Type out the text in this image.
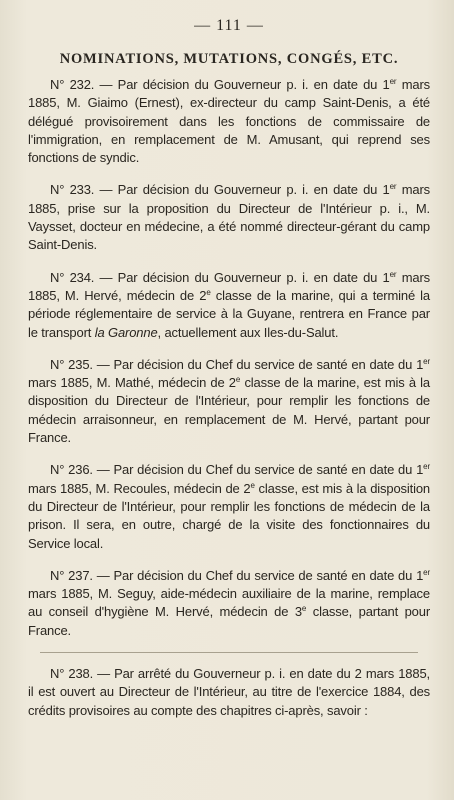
— 111 —

NOMINATIONS, MUTATIONS, CONGÉS, ETC.

N° 232. — Par décision du Gouverneur p. i. en date du 1er mars 1885, M. Giaimo (Ernest), ex-directeur du camp Saint-Denis, a été délégué provisoirement dans les fonctions de commissaire de l'immigration, en remplacement de M. Amusant, qui reprend ses fonctions de syndic.

N° 233. — Par décision du Gouverneur p. i. en date du 1er mars 1885, prise sur la proposition du Directeur de l'Intérieur p. i., M. Vaysset, docteur en médecine, a été nommé directeur-gérant du camp Saint-Denis.

N° 234. — Par décision du Gouverneur p. i. en date du 1er mars 1885, M. Hervé, médecin de 2e classe de la marine, qui a terminé la période réglementaire de service à la Guyane, rentrera en France par le transport la Garonne, actuellement aux Iles-du-Salut.

N° 235. — Par décision du Chef du service de santé en date du 1er mars 1885, M. Mathé, médecin de 2e classe de la marine, est mis à la disposition du Directeur de l'Intérieur, pour remplir les fonctions de médecin arraisonneur, en remplacement de M. Hervé, partant pour France.

N° 236. — Par décision du Chef du service de santé en date du 1er mars 1885, M. Recoules, médecin de 2e classe, est mis à la disposition du Directeur de l'Intérieur, pour remplir les fonctions de médecin de la prison. Il sera, en outre, chargé de la visite des fonctionnaires du Service local.

N° 237. — Par décision du Chef du service de santé en date du 1er mars 1885, M. Seguy, aide-médecin auxiliaire de la marine, remplace au conseil d'hygiène M. Hervé, médecin de 3e classe, partant pour France.

N° 238. — Par arrêté du Gouverneur p. i. en date du 2 mars 1885, il est ouvert au Directeur de l'Intérieur, au titre de l'exercice 1884, des crédits provisoires au compte des chapitres ci-après, savoir :
